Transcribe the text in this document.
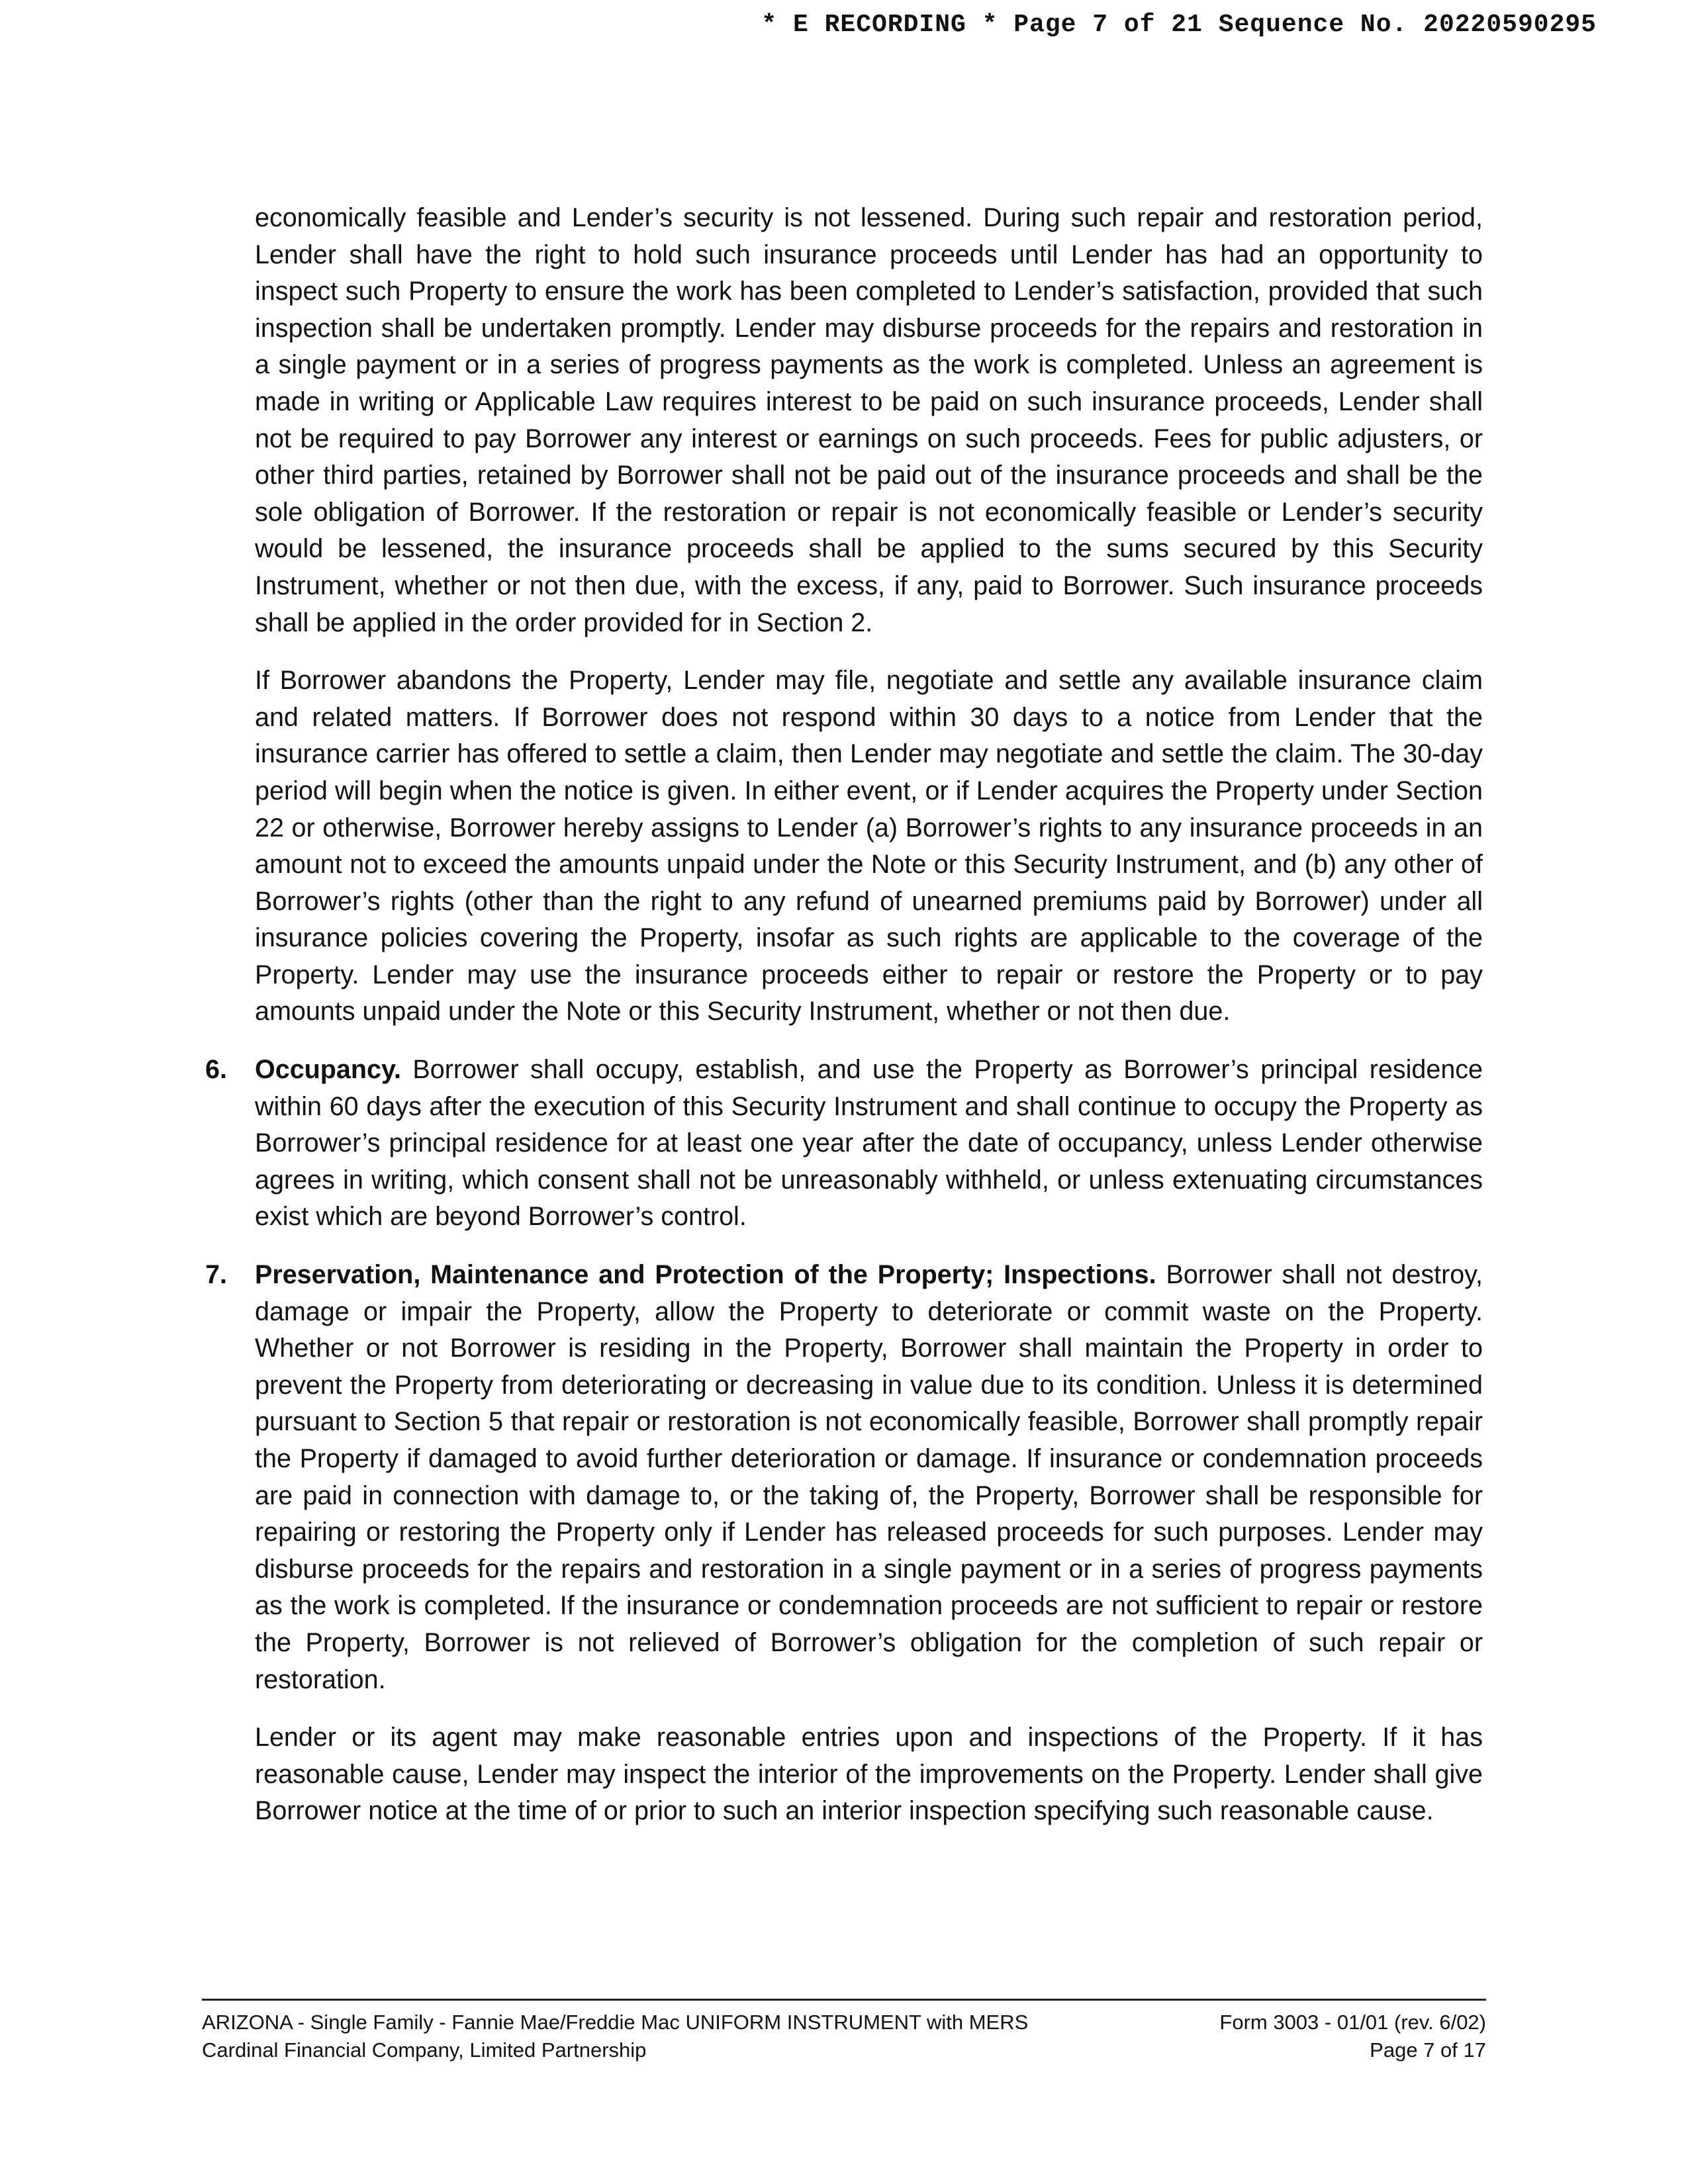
* E RECORDING * Page 7 of 21 Sequence No. 20220590295

economically feasible and Lender’s security is not lessened. During such repair and restoration period, Lender shall have the right to hold such insurance proceeds until Lender has had an opportunity to inspect such Property to ensure the work has been completed to Lender’s satisfaction, provided that such inspection shall be undertaken promptly. Lender may disburse proceeds for the repairs and restoration in a single payment or in a series of progress payments as the work is completed. Unless an agreement is made in writing or Applicable Law requires interest to be paid on such insurance proceeds, Lender shall not be required to pay Borrower any interest or earnings on such proceeds. Fees for public adjusters, or other third parties, retained by Borrower shall not be paid out of the insurance proceeds and shall be the sole obligation of Borrower. If the restoration or repair is not economically feasible or Lender’s security would be lessened, the insurance proceeds shall be applied to the sums secured by this Security Instrument, whether or not then due, with the excess, if any, paid to Borrower. Such insurance proceeds shall be applied in the order provided for in Section 2.

If Borrower abandons the Property, Lender may file, negotiate and settle any available insurance claim and related matters. If Borrower does not respond within 30 days to a notice from Lender that the insurance carrier has offered to settle a claim, then Lender may negotiate and settle the claim. The 30-day period will begin when the notice is given. In either event, or if Lender acquires the Property under Section 22 or otherwise, Borrower hereby assigns to Lender (a) Borrower’s rights to any insurance proceeds in an amount not to exceed the amounts unpaid under the Note or this Security Instrument, and (b) any other of Borrower’s rights (other than the right to any refund of unearned premiums paid by Borrower) under all insurance policies covering the Property, insofar as such rights are applicable to the coverage of the Property. Lender may use the insurance proceeds either to repair or restore the Property or to pay amounts unpaid under the Note or this Security Instrument, whether or not then due.

6. Occupancy. Borrower shall occupy, establish, and use the Property as Borrower’s principal residence within 60 days after the execution of this Security Instrument and shall continue to occupy the Property as Borrower’s principal residence for at least one year after the date of occupancy, unless Lender otherwise agrees in writing, which consent shall not be unreasonably withheld, or unless extenuating circumstances exist which are beyond Borrower’s control.
7. Preservation, Maintenance and Protection of the Property; Inspections. Borrower shall not destroy, damage or impair the Property, allow the Property to deteriorate or commit waste on the Property. Whether or not Borrower is residing in the Property, Borrower shall maintain the Property in order to prevent the Property from deteriorating or decreasing in value due to its condition. Unless it is determined pursuant to Section 5 that repair or restoration is not economically feasible, Borrower shall promptly repair the Property if damaged to avoid further deterioration or damage. If insurance or condemnation proceeds are paid in connection with damage to, or the taking of, the Property, Borrower shall be responsible for repairing or restoring the Property only if Lender has released proceeds for such purposes. Lender may disburse proceeds for the repairs and restoration in a single payment or in a series of progress payments as the work is completed. If the insurance or condemnation proceeds are not sufficient to repair or restore the Property, Borrower is not relieved of Borrower’s obligation for the completion of such repair or restoration.

Lender or its agent may make reasonable entries upon and inspections of the Property. If it has reasonable cause, Lender may inspect the interior of the improvements on the Property. Lender shall give Borrower notice at the time of or prior to such an interior inspection specifying such reasonable cause.

ARIZONA - Single Family - Fannie Mae/Freddie Mac UNIFORM INSTRUMENT with MERS	Form 3003 - 01/01 (rev. 6/02)
Cardinal Financial Company, Limited Partnership	Page 7 of 17
